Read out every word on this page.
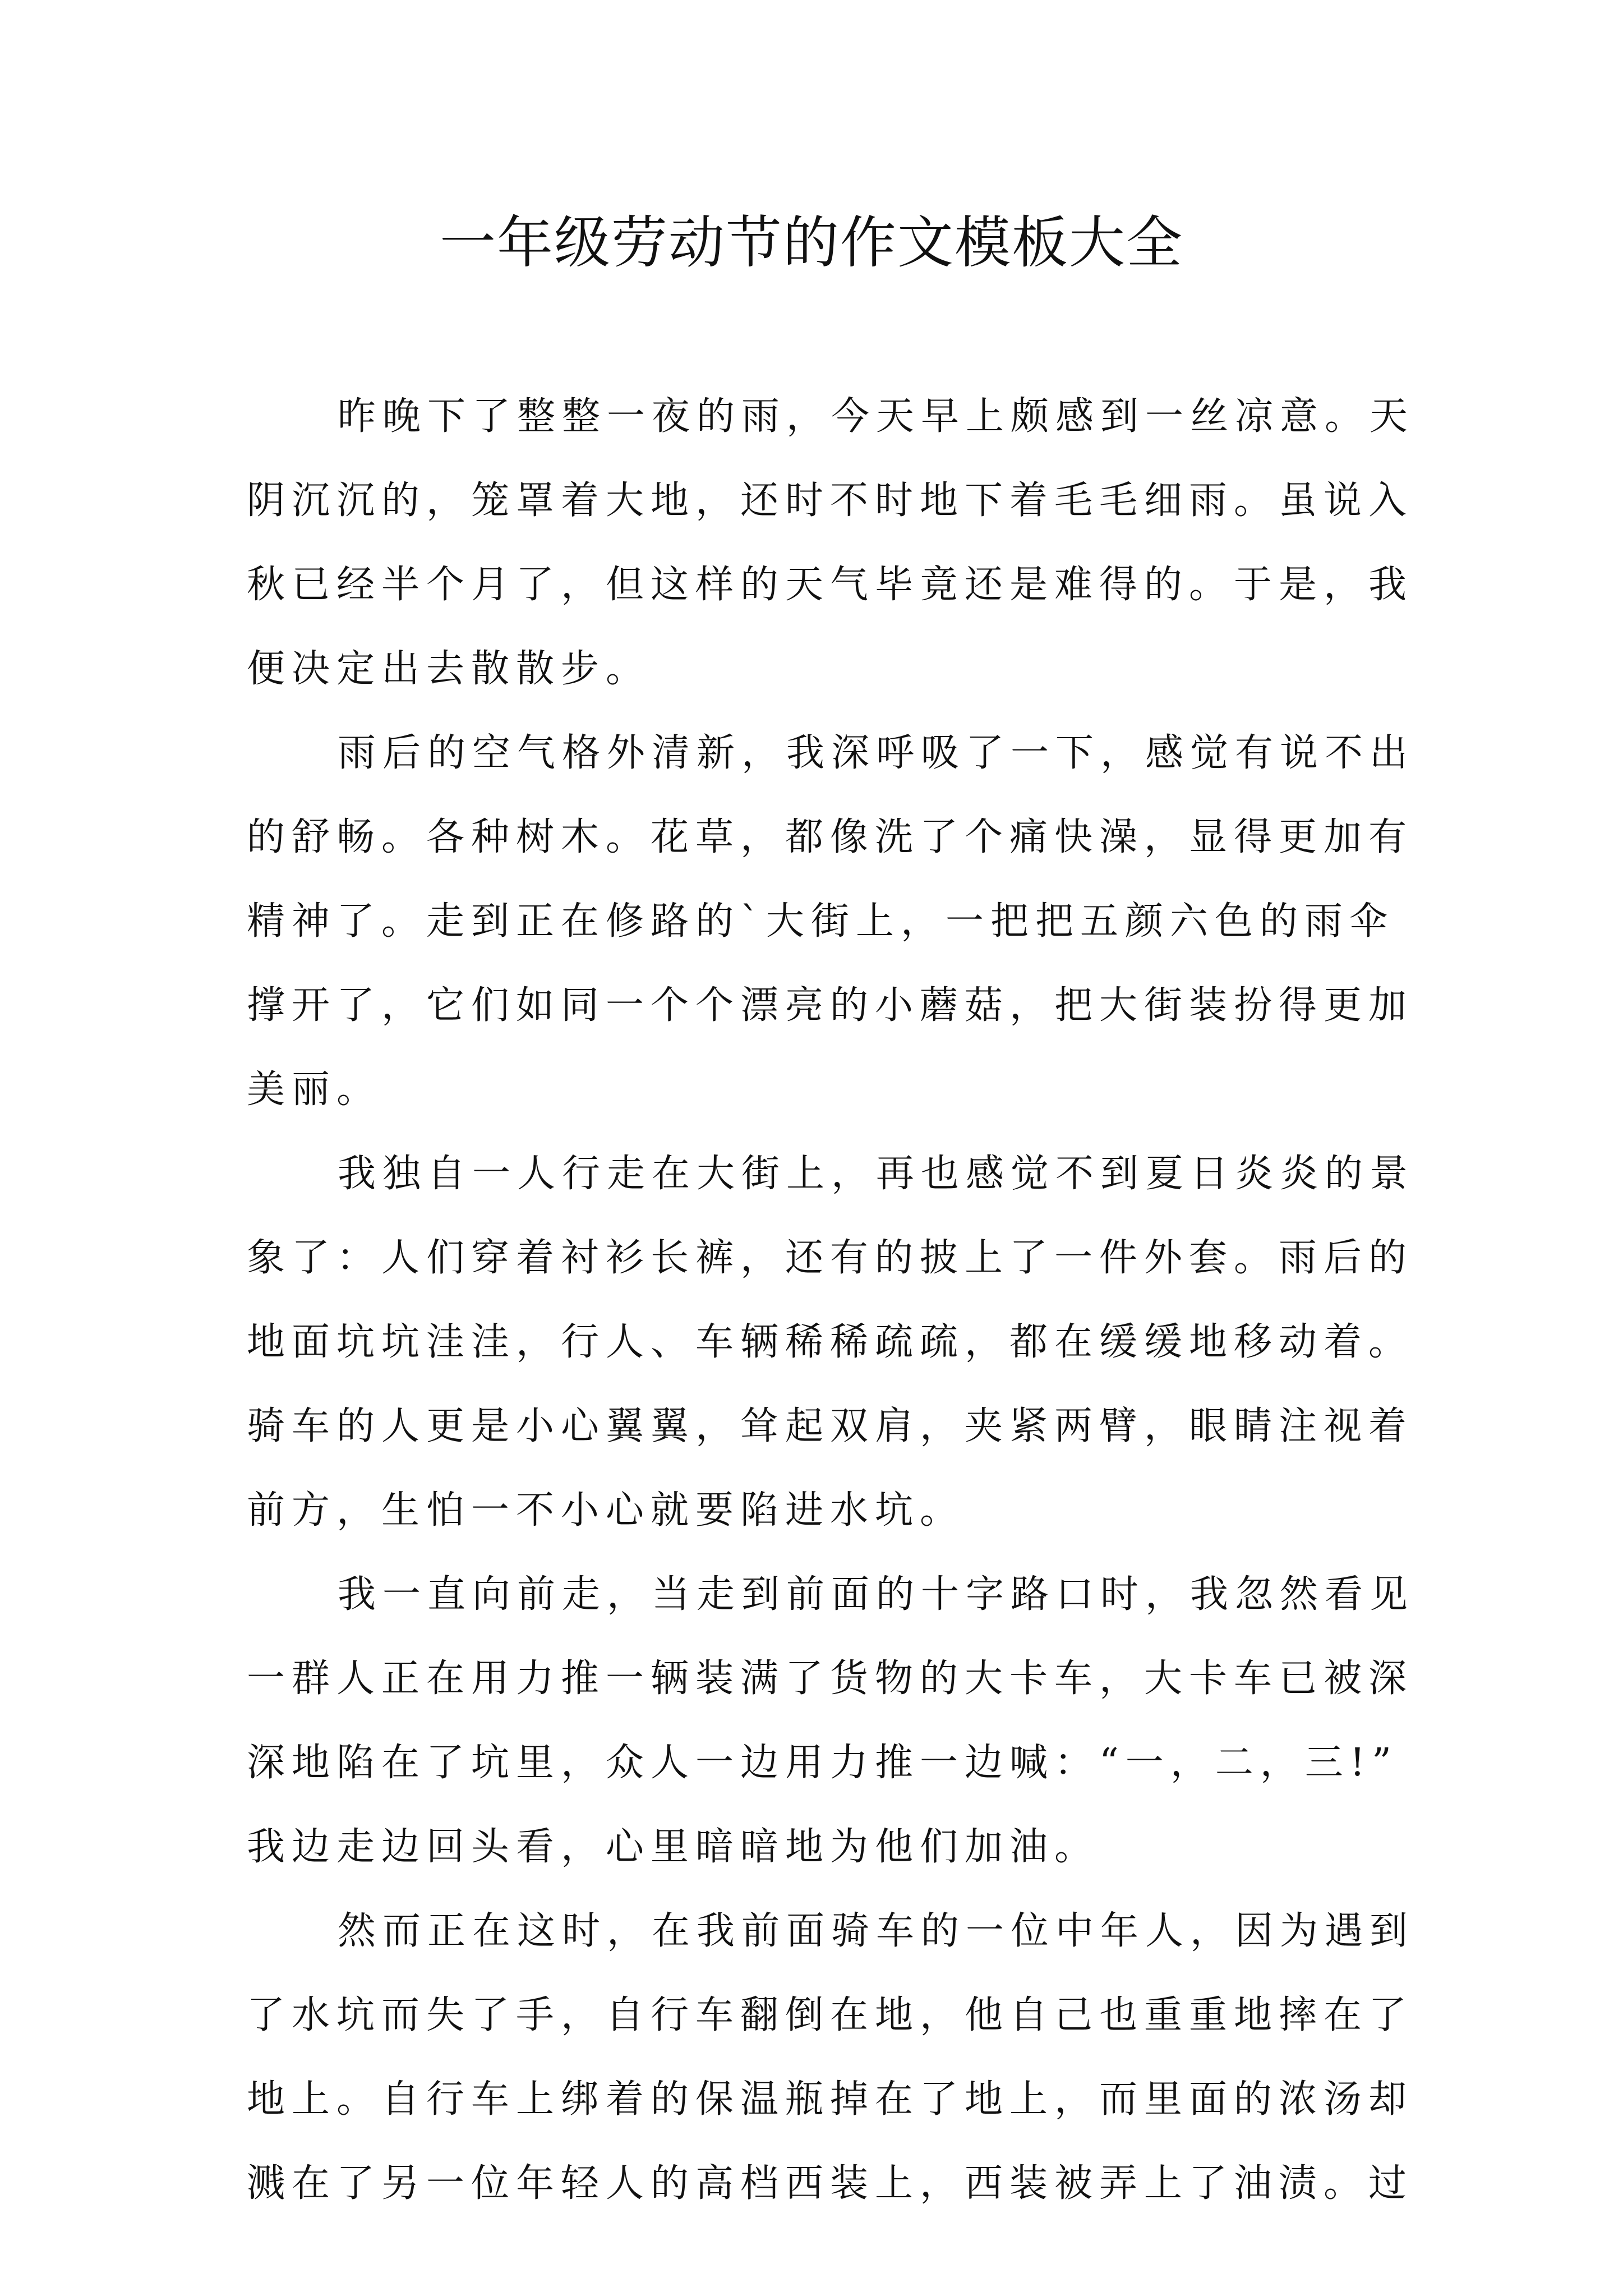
一年级劳动节的作文模板大全

昨晚下了整整一夜的雨，今天早上颇感到一丝凉意。天
阴沉沉的，笼罩着大地，还时不时地下着毛毛细雨。虽说入
秋已经半个月了，但这样的天气毕竟还是难得的。于是，我
便决定出去散散步。

雨后的空气格外清新，我深呼吸了一下，感觉有说不出
的舒畅。各种树木。花草，都像洗了个痛快澡，显得更加有
精神了。走到正在修路的`大街上，一把把五颜六色的雨伞
撑开了，它们如同一个个漂亮的小蘑菇，把大街装扮得更加
美丽。

我独自一人行走在大街上，再也感觉不到夏日炎炎的景
象了：人们穿着衬衫长裤，还有的披上了一件外套。雨后的
地面坑坑洼洼，行人、车辆稀稀疏疏，都在缓缓地移动着。
骑车的人更是小心翼翼，耸起双肩，夹紧两臂，眼睛注视着
前方，生怕一不小心就要陷进水坑。

我一直向前走，当走到前面的十字路口时，我忽然看见
一群人正在用力推一辆装满了货物的大卡车，大卡车已被深
深地陷在了坑里，众人一边用力推一边喊：“一，二，三!”
我边走边回头看，心里暗暗地为他们加油。

然而正在这时，在我前面骑车的一位中年人，因为遇到
了水坑而失了手，自行车翻倒在地，他自己也重重地摔在了
地上。自行车上绑着的保温瓶掉在了地上，而里面的浓汤却
溅在了另一位年轻人的高档西装上，西装被弄上了油渍。过
